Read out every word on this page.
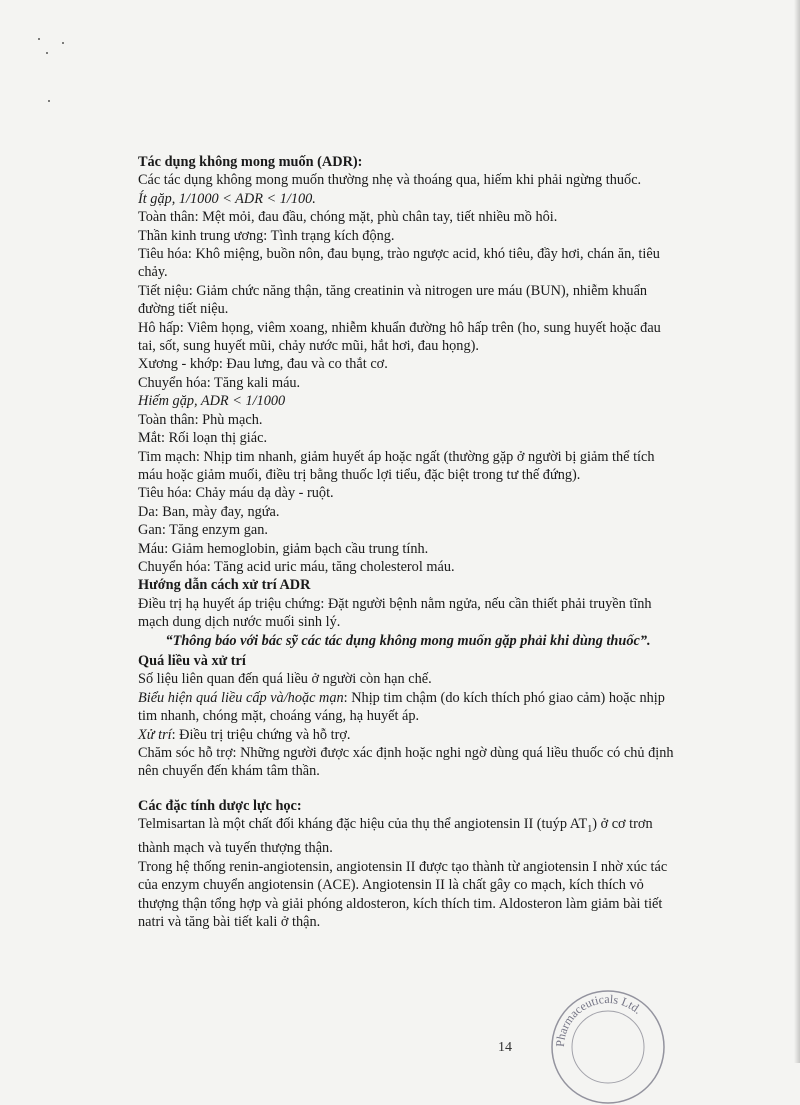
Tác dụng không mong muốn (ADR):

Các tác dụng không mong muốn thường nhẹ và thoáng qua, hiếm khi phải ngừng thuốc.

Ít gặp, 1/1000 < ADR < 1/100.

Toàn thân: Mệt mỏi, đau đầu, chóng mặt, phù chân tay, tiết nhiều mồ hôi.

Thần kinh trung ương: Tình trạng kích động.

Tiêu hóa: Khô miệng, buồn nôn, đau bụng, trào ngược acid, khó tiêu, đầy hơi, chán ăn, tiêu chảy.

Tiết niệu: Giảm chức năng thận, tăng creatinin và nitrogen ure máu (BUN), nhiễm khuẩn đường tiết niệu.

Hô hấp: Viêm họng, viêm xoang, nhiễm khuẩn đường hô hấp trên (ho, sung huyết hoặc đau tai, sốt, sung huyết mũi, chảy nước mũi, hắt hơi, đau họng).

Xương - khớp: Đau lưng, đau và co thắt cơ.

Chuyển hóa: Tăng kali máu.

Hiếm gặp, ADR < 1/1000

Toàn thân: Phù mạch.

Mắt: Rối loạn thị giác.

Tim mạch: Nhịp tim nhanh, giảm huyết áp hoặc ngất (thường gặp ở người bị giảm thể tích máu hoặc giảm muối, điều trị bằng thuốc lợi tiểu, đặc biệt trong tư thế đứng).

Tiêu hóa: Chảy máu dạ dày - ruột.

Da: Ban, mày đay, ngứa.

Gan: Tăng enzym gan.

Máu: Giảm hemoglobin, giảm bạch cầu trung tính.

Chuyển hóa: Tăng acid uric máu, tăng cholesterol máu.

Hướng dẫn cách xử trí ADR

Điều trị hạ huyết áp triệu chứng: Đặt người bệnh nằm ngửa, nếu cần thiết phải truyền tĩnh mạch dung dịch nước muối sinh lý.

“Thông báo với bác sỹ các tác dụng không mong muốn gặp phải khi dùng thuốc”.

Quá liều và xử trí

Số liệu liên quan đến quá liều ở người còn hạn chế.

Biểu hiện quá liều cấp và/hoặc mạn: Nhịp tim chậm (do kích thích phó giao cảm) hoặc nhịp tim nhanh, chóng mặt, choáng váng, hạ huyết áp.

Xử trí: Điều trị triệu chứng và hỗ trợ.

Chăm sóc hỗ trợ: Những người được xác định hoặc nghi ngờ dùng quá liều thuốc có chủ định nên chuyển đến khám tâm thần.

Các đặc tính dược lực học:

Telmisartan là một chất đối kháng đặc hiệu của thụ thể angiotensin II (tuýp $AT_1$) ở cơ trơn thành mạch và tuyến thượng thận.

Trong hệ thống renin-angiotensin, angiotensin II được tạo thành từ angiotensin I nhờ xúc tác của enzym chuyển angiotensin (ACE). Angiotensin II là chất gây co mạch, kích thích vỏ thượng thận tổng hợp và giải phóng aldosteron, kích thích tim. Aldosteron làm giảm bài tiết natri và tăng bài tiết kali ở thận.

Pharmaceuticals Ltd.
14
